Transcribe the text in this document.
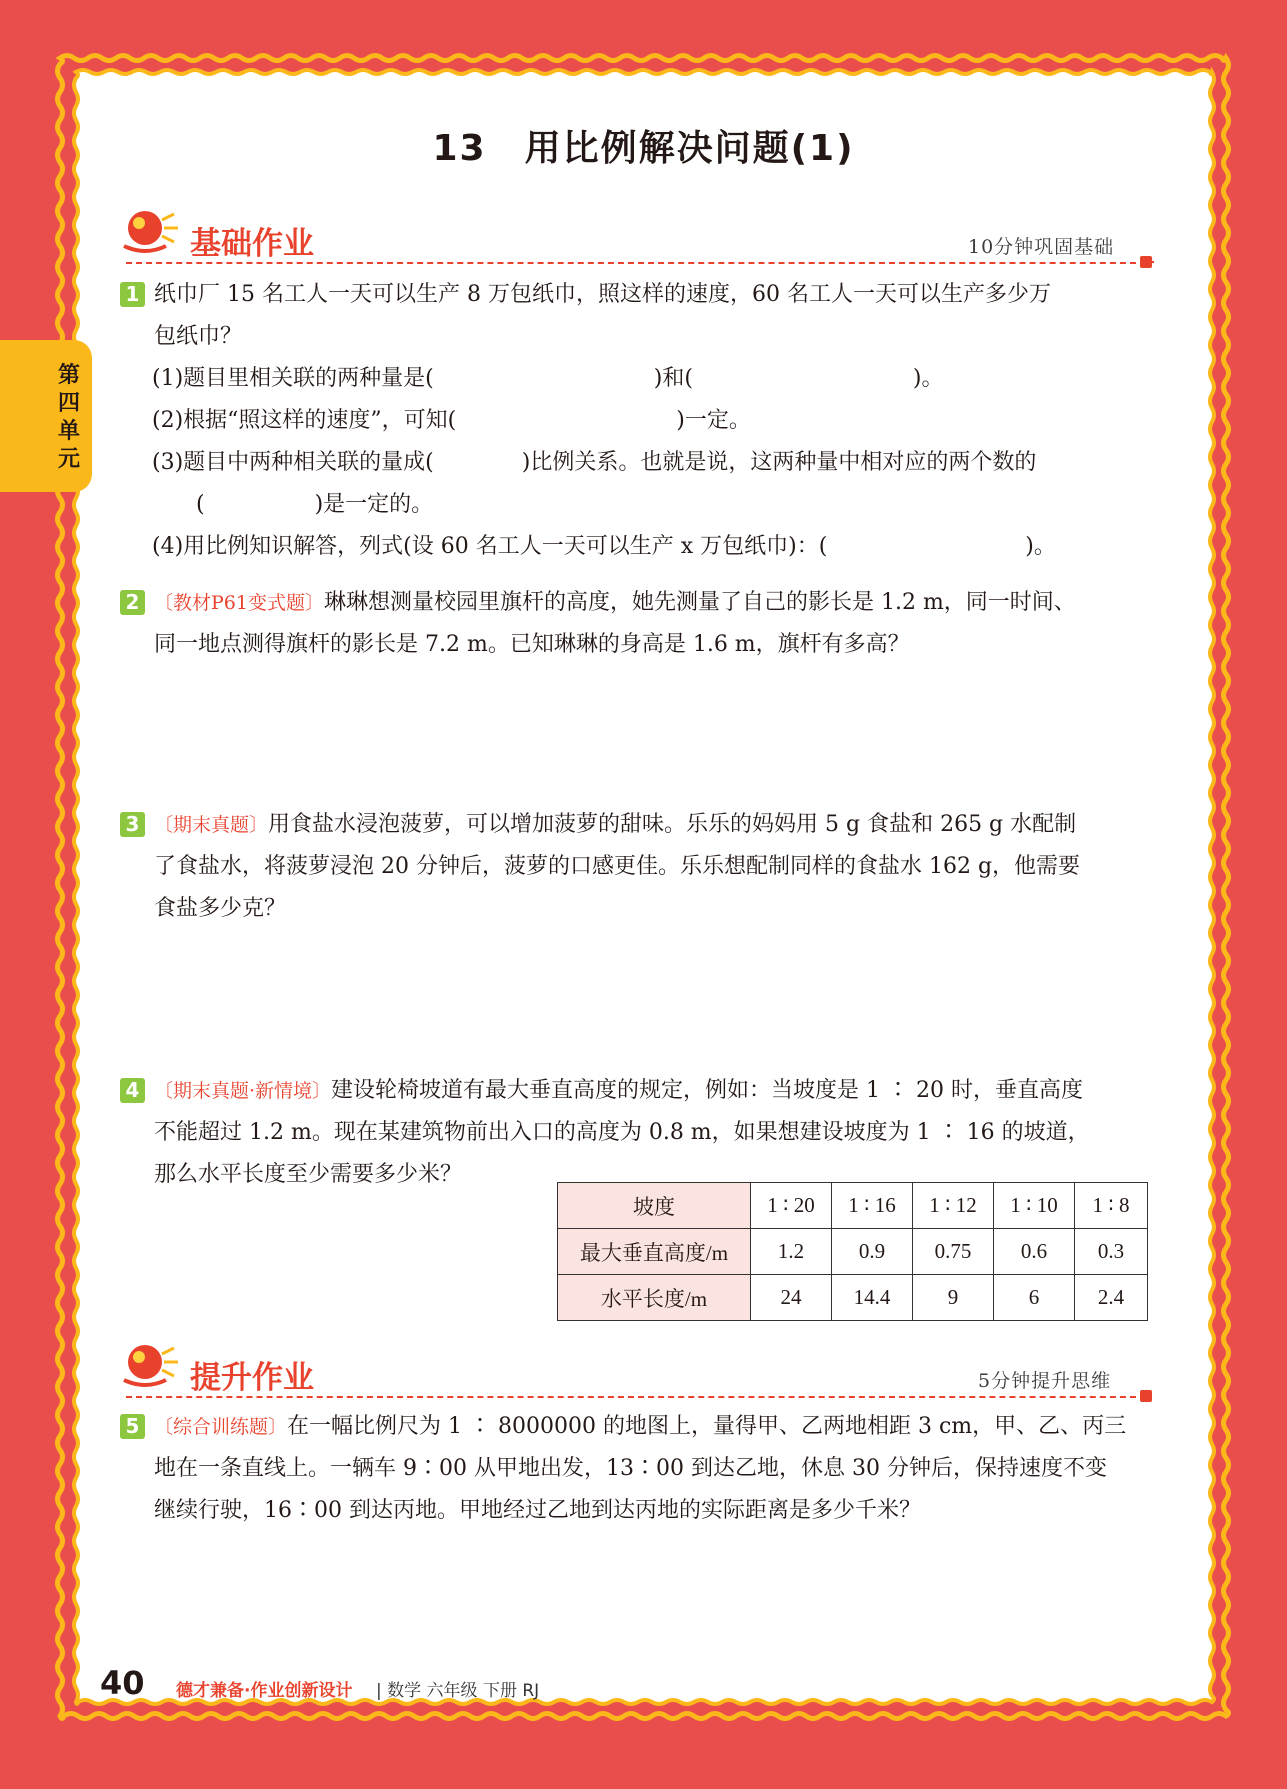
第
四
单
元
13　用比例解决问题(1)
基础作业	10分钟巩固基础
1 纸巾厂 15 名工人一天可以生产 8 万包纸巾，照这样的速度，60 名工人一天可以生产多少万
包纸巾？
(1)题目里相关联的两种量是(　　　　　　　　　　)和(　　　　　　　　　　)。
(2)根据“照这样的速度”，可知(　　　　　　　　　　)一定。
(3)题目中两种相关联的量成(　　　　)比例关系。也就是说，这两种量中相对应的两个数的
　　(　　　　　)是一定的。
(4)用比例知识解答，列式(设 60 名工人一天可以生产 x 万包纸巾)：(　　　　　　　　　)。
2 〔教材P61变式题〕琳琳想测量校园里旗杆的高度，她先测量了自己的影长是 1.2 m，同一时间、
同一地点测得旗杆的影长是 7.2 m。已知琳琳的身高是 1.6 m，旗杆有多高？
3 〔期末真题〕用食盐水浸泡菠萝，可以增加菠萝的甜味。乐乐的妈妈用 5 g 食盐和 265 g 水配制
了食盐水，将菠萝浸泡 20 分钟后，菠萝的口感更佳。乐乐想配制同样的食盐水 162 g，他需要
食盐多少克？
4 〔期末真题·新情境〕建设轮椅坡道有最大垂直高度的规定，例如：当坡度是 1 ∶ 20 时，垂直高度
不能超过 1.2 m。现在某建筑物前出入口的高度为 0.8 m，如果想建设坡度为 1 ∶ 16 的坡道，
那么水平长度至少需要多少米？
坡度	1 ∶ 20	1 ∶ 16	1 ∶ 12	1 ∶ 10	1 ∶ 8
最大垂直高度/m	1.2	0.9	0.75	0.6	0.3
水平长度/m	24	14.4	9	6	2.4
提升作业	5分钟提升思维
5 〔综合训练题〕在一幅比例尺为 1 ∶ 8000000 的地图上，量得甲、乙两地相距 3 cm，甲、乙、丙三
地在一条直线上。一辆车 9∶00 从甲地出发，13∶00 到达乙地，休息 30 分钟后，保持速度不变
继续行驶，16∶00 到达丙地。甲地经过乙地到达丙地的实际距离是多少千米？
40 德才兼备·作业创新设计 | 数学 六年级 下册 RJ
